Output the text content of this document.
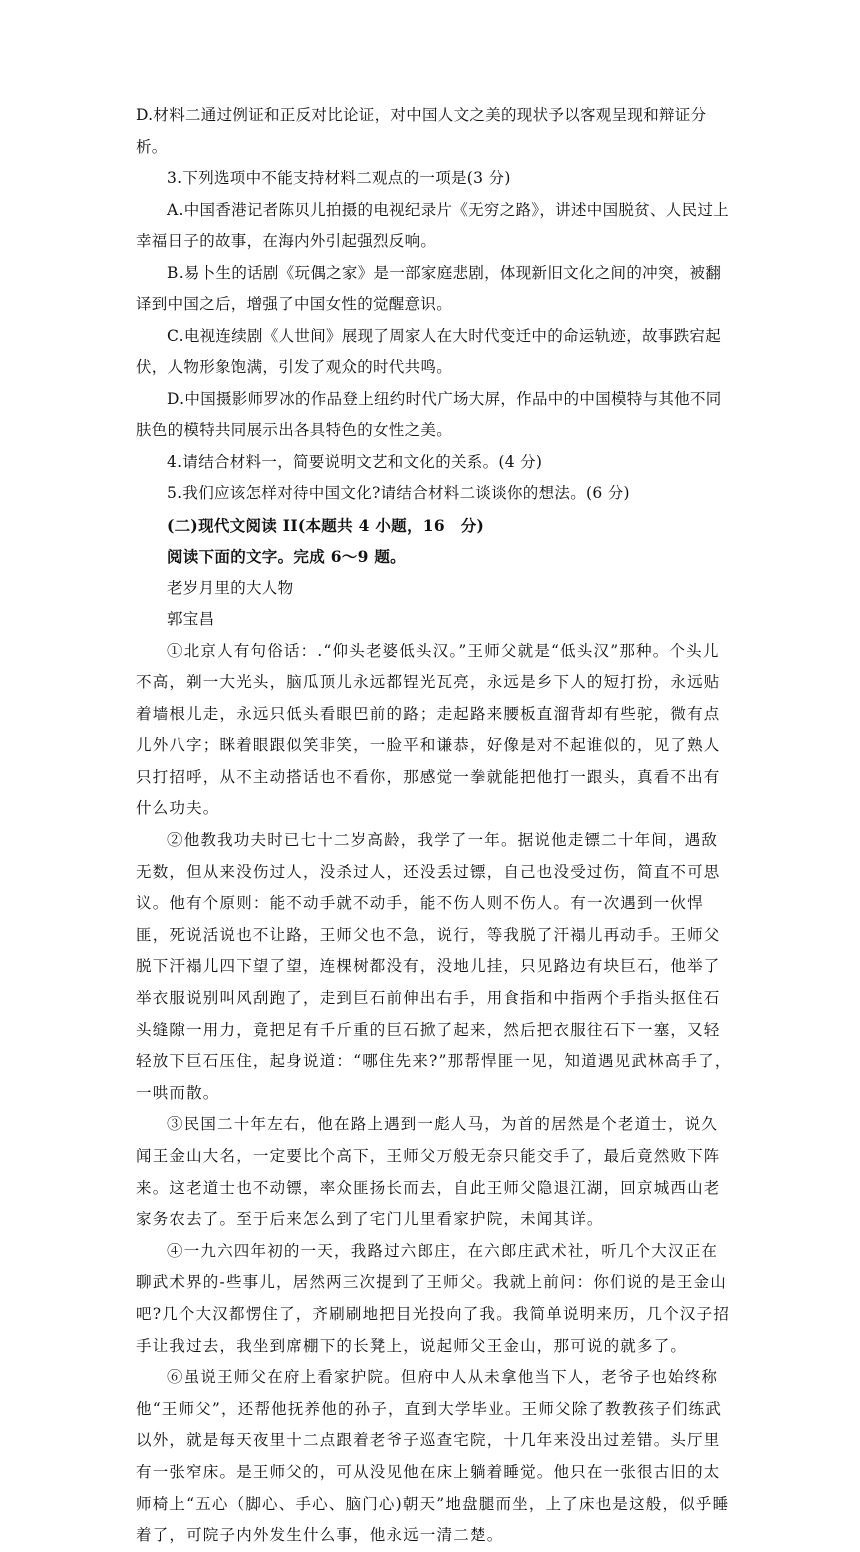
D.材料二通过例证和正反对比论证，对中国人文之美的现状予以客观呈现和辩证分析。

3.下列选项中不能支持材料二观点的一项是(3 分)

A.中国香港记者陈贝儿拍摄的电视纪录片《无穷之路》，讲述中国脱贫、人民过上幸福日子的故事，在海内外引起强烈反响。

B.易卜生的话剧《玩偶之家》是一部家庭悲剧，体现新旧文化之间的冲突，被翻译到中国之后，增强了中国女性的觉醒意识。

C.电视连续剧《人世间》展现了周家人在大时代变迁中的命运轨迹，故事跌宕起伏，人物形象饱满，引发了观众的时代共鸣。

D.中国摄影师罗冰的作品登上纽约时代广场大屏，作品中的中国模特与其他不同肤色的模特共同展示出各具特色的女性之美。

4.请结合材料一，简要说明文艺和文化的关系。(4 分)

5.我们应该怎样对待中国文化?请结合材料二谈谈你的想法。(6 分)

(二)现代文阅读 II(本题共 4 小题，16　分)

阅读下面的文字。完成 6～9 题。

老岁月里的大人物

郭宝昌

①北京人有句俗话：.“仰头老婆低头汉。”王师父就是“低头汉”那种。个头儿不高，剃一大光头，脑瓜顶儿永远都锃光瓦亮，永远是乡下人的短打扮，永远贴着墙根儿走，永远只低头看眼巴前的路；走起路来腰板直溜背却有些驼，微有点儿外八字；眯着眼跟似笑非笑，一脸平和谦恭，好像是对不起谁似的，见了熟人只打招呼，从不主动搭话也不看你，那感觉一拳就能把他打一跟头，真看不出有什么功夫。

②他教我功夫时已七十二岁高龄，我学了一年。据说他走镖二十年间，遇敌无数，但从来没伤过人，没杀过人，还没丢过镖，自己也没受过伤，简直不可思议。他有个原则：能不动手就不动手，能不伤人则不伤人。有一次遇到一伙悍匪，死说活说也不让路，王师父也不急，说行，等我脱了汗褟儿再动手。王师父脱下汗褟儿四下望了望，连棵树都没有，没地儿挂，只见路边有块巨石，他举了举衣服说别叫风刮跑了，走到巨石前伸出右手，用食指和中指两个手指头抠住石头缝隙一用力，竟把足有千斤重的巨石掀了起来，然后把衣服往石下一塞，又轻轻放下巨石压住，起身说道：“哪住先来?”那帮悍匪一见，知道遇见武林高手了，一哄而散。

③民国二十年左右，他在路上遇到一彪人马，为首的居然是个老道士，说久闻王金山大名，一定要比个高下，王师父万般无奈只能交手了，最后竟然败下阵来。这老道士也不动镖，率众匪扬长而去，自此王师父隐退江湖，回京城西山老家务农去了。至于后来怎么到了宅门儿里看家护院，未闻其详。

④一九六四年初的一天，我路过六郎庄，在六郎庄武术社，听几个大汉正在聊武术界的-些事儿，居然两三次提到了王师父。我就上前问：你们说的是王金山吧?几个大汉都愣住了，齐刷刷地把目光投向了我。我简单说明来历，几个汉子招手让我过去，我坐到席棚下的长凳上，说起师父王金山，那可说的就多了。

⑥虽说王师父在府上看家护院。但府中人从未拿他当下人，老爷子也始终称他“王师父”，还帮他抚养他的孙子，直到大学毕业。王师父除了教教孩子们练武以外，就是每天夜里十二点跟着老爷子巡查宅院，十几年来没出过差错。头厅里有一张窄床。是王师父的，可从没见他在床上躺着睡觉。他只在一张很古旧的太师椅上“五心（脚心、手心、脑门心)朝天”地盘腿而坐，上了床也是这般，似乎睡着了，可院子内外发生什么事，他永远一清二楚。
